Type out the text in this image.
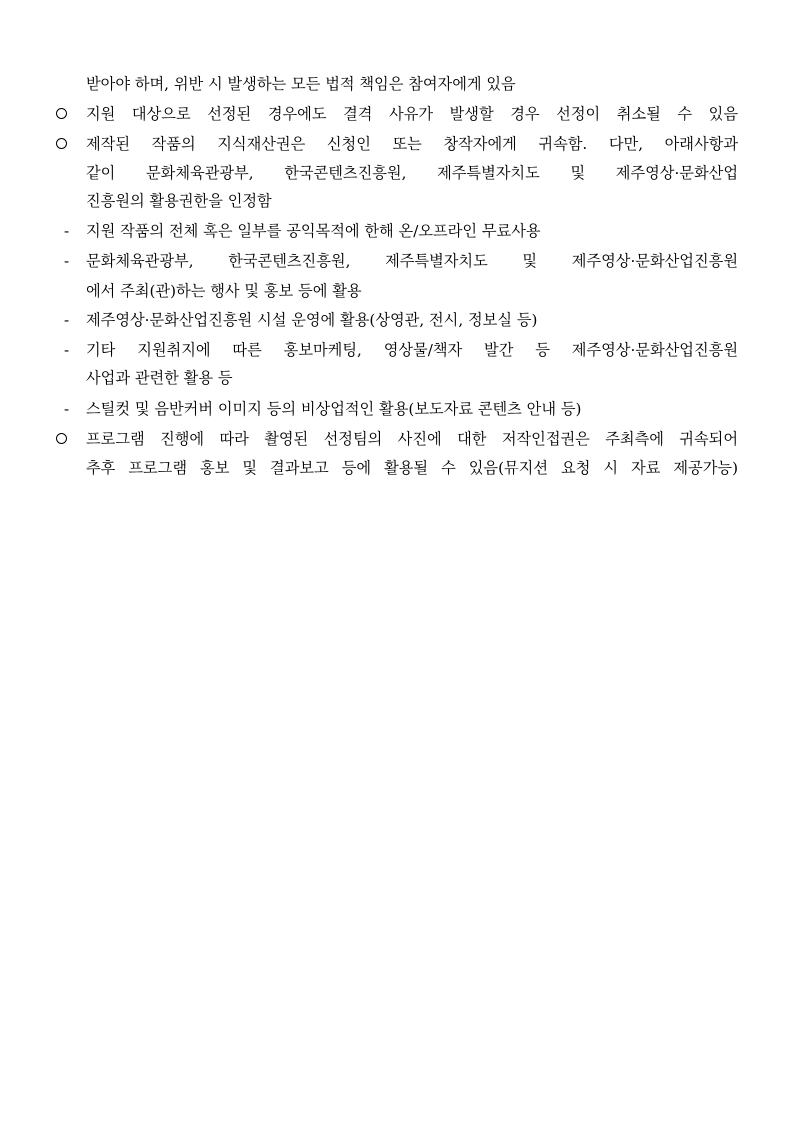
받아야 하며, 위반 시 발생하는 모든 법적 책임은 참여자에게 있음
지원 대상으로 선정된 경우에도 결격 사유가 발생할 경우 선정이 취소될 수 있음
제작된 작품의 지식재산권은 신청인 또는 창작자에게 귀속함. 다만, 아래사항과
같이 문화체육관광부, 한국콘텐츠진흥원, 제주특별자치도 및 제주영상·문화산업
진흥원의 활용권한을 인정함
- 지원 작품의 전체 혹은 일부를 공익목적에 한해 온/오프라인 무료사용
- 문화체육관광부, 한국콘텐츠진흥원, 제주특별자치도 및 제주영상·문화산업진흥원
에서 주최(관)하는 행사 및 홍보 등에 활용
- 제주영상·문화산업진흥원 시설 운영에 활용(상영관, 전시, 정보실 등)
- 기타 지원취지에 따른 홍보마케팅, 영상물/책자 발간 등 제주영상·문화산업진흥원
사업과 관련한 활용 등
- 스틸컷 및 음반커버 이미지 등의 비상업적인 활용(보도자료 콘텐츠 안내 등)
프로그램 진행에 따라 촬영된 선정팀의 사진에 대한 저작인접권은 주최측에 귀속되어
추후 프로그램 홍보 및 결과보고 등에 활용될 수 있음(뮤지션 요청 시 자료 제공가능)
